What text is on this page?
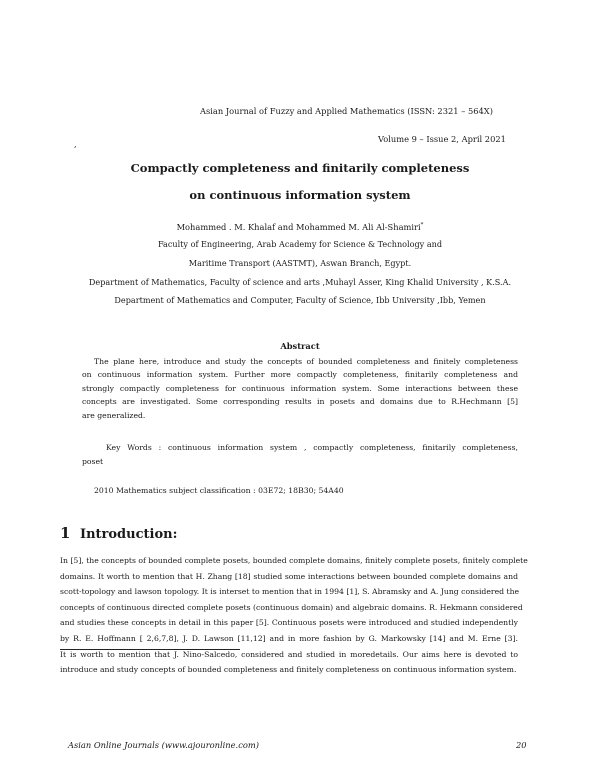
Asian Journal of Fuzzy and Applied Mathematics (ISSN: 2321 – 564X)
,
Volume 9 – Issue 2, April 2021
Compactly completeness and finitarily completeness
on continuous information system
Mohammed . M. Khalaf and Mohammed M. Ali Al-Shamiri*
Faculty of Engineering, Arab Academy for Science & Technology and
Maritime Transport (AASTMT), Aswan Branch, Egypt.
Department of Mathematics, Faculty of science and arts ,Muhayl Asser, King Khalid University , K.S.A.
Department of Mathematics and Computer, Faculty of Science, Ibb University ,Ibb, Yemen
Abstract
The plane here, introduce and study the concepts of bounded completeness and finitely completeness
on continuous information system. Further more compactly completeness, finitarily completeness and
strongly compactly completeness for continuous information system. Some interactions between these
concepts are investigated. Some corresponding results in posets and domains due to R.Hechmann [5]
are generalized.
Key Words : continuous information system , compactly completeness, finitarily completeness,
poset
2010 Mathematics subject classification : 03E72; 18B30; 54A40
1 Introduction:
In [5], the concepts of bounded complete posets, bounded complete domains, finitely complete posets, finitely complete
domains. It worth to mention that H. Zhang [18] studied some interactions between bounded complete domains and
scott-topology and lawson topology. It is interset to mention that in 1994 [1], S. Abramsky and A. Jung considered the
concepts of continuous directed complete posets (continuous domain) and algebraic domains. R. Hekmann considered
and studies these concepts in detail in this paper [5]. Continuous posets were introduced and studied independently
by R. E. Hoffmann [ 2,6,7,8], J. D. Lawson [11,12] and in more fashion by G. Markowsky [14] and M. Erne [3].
It is worth to mention that J. Nino-Salcedo, considered and studied in moredetails. Our aims here is devoted to
introduce and study concepts of bounded completeness and finitely completeness on continuous information system.
Asian Online Journals (www.ajouronline.com)	20
